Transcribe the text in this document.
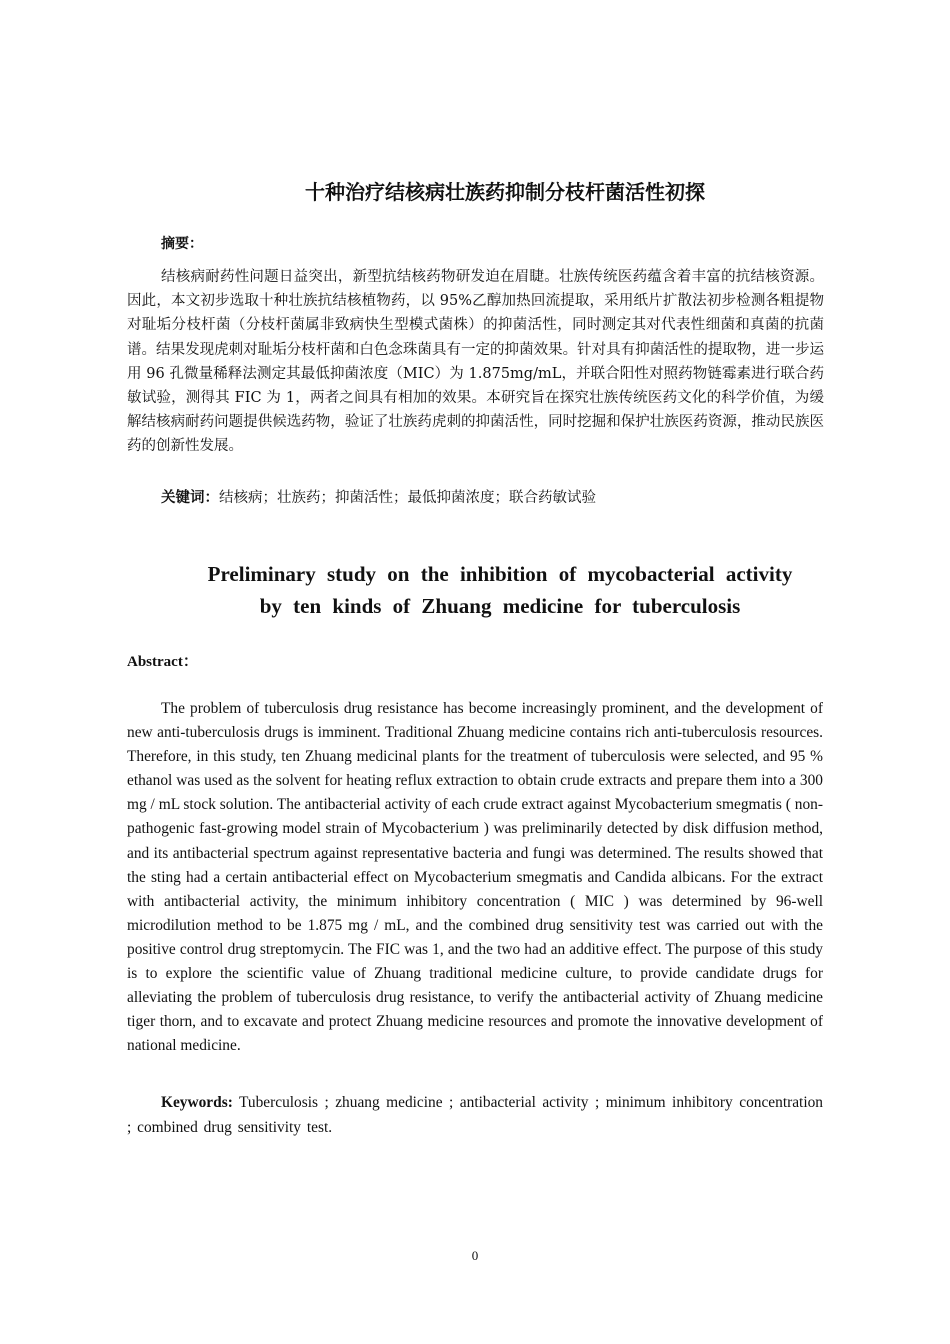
十种治疗结核病壮族药抑制分枝杆菌活性初探
摘要：

结核病耐药性问题日益突出，新型抗结核药物研发迫在眉睫。壮族传统医药蕴含着丰富的抗结核资源。因此，本文初步选取十种壮族抗结核植物药，以 95%乙醇加热回流提取，采用纸片扩散法初步检测各粗提物对耻垢分枝杆菌（分枝杆菌属非致病快生型模式菌株）的抑菌活性，同时测定其对代表性细菌和真菌的抗菌谱。结果发现虎刺对耻垢分枝杆菌和白色念珠菌具有一定的抑菌效果。针对具有抑菌活性的提取物，进一步运用 96 孔微量稀释法测定其最低抑菌浓度（MIC）为 1.875mg/mL，并联合阳性对照药物链霉素进行联合药敏试验，测得其 FIC 为 1，两者之间具有相加的效果。本研究旨在探究壮族传统医药文化的科学价值，为缓解结核病耐药问题提供候选药物，验证了壮族药虎刺的抑菌活性，同时挖掘和保护壮族医药资源，推动民族医药的创新性发展。

关键词：结核病；壮族药；抑菌活性；最低抑菌浓度；联合药敏试验
Preliminary study on the inhibition of mycobacterial activity
by ten kinds of Zhuang medicine for tuberculosis
Abstract：

The problem of tuberculosis drug resistance has become increasingly prominent, and the development of new anti-tuberculosis drugs is imminent. Traditional Zhuang medicine contains rich anti-tuberculosis resources. Therefore, in this study, ten Zhuang medicinal plants for the treatment of tuberculosis were selected, and 95 % ethanol was used as the solvent for heating reflux extraction to obtain crude extracts and prepare them into a 300 mg / mL stock solution. The antibacterial activity of each crude extract against Mycobacterium smegmatis ( non-pathogenic fast-growing model strain of Mycobacterium ) was preliminarily detected by disk diffusion method, and its antibacterial spectrum against representative bacteria and fungi was determined. The results showed that the sting had a certain antibacterial effect on Mycobacterium smegmatis and Candida albicans. For the extract with antibacterial activity, the minimum inhibitory concentration ( MIC ) was determined by 96-well microdilution method to be 1.875 mg / mL, and the combined drug sensitivity test was carried out with the positive control drug streptomycin. The FIC was 1, and the two had an additive effect. The purpose of this study is to explore the scientific value of Zhuang traditional medicine culture, to provide candidate drugs for alleviating the problem of tuberculosis drug resistance, to verify the antibacterial activity of Zhuang medicine tiger thorn, and to excavate and protect Zhuang medicine resources and promote the innovative development of national medicine.

Keywords: Tuberculosis ; zhuang medicine ; antibacterial activity ; minimum inhibitory concentration ; combined drug sensitivity test.

0
